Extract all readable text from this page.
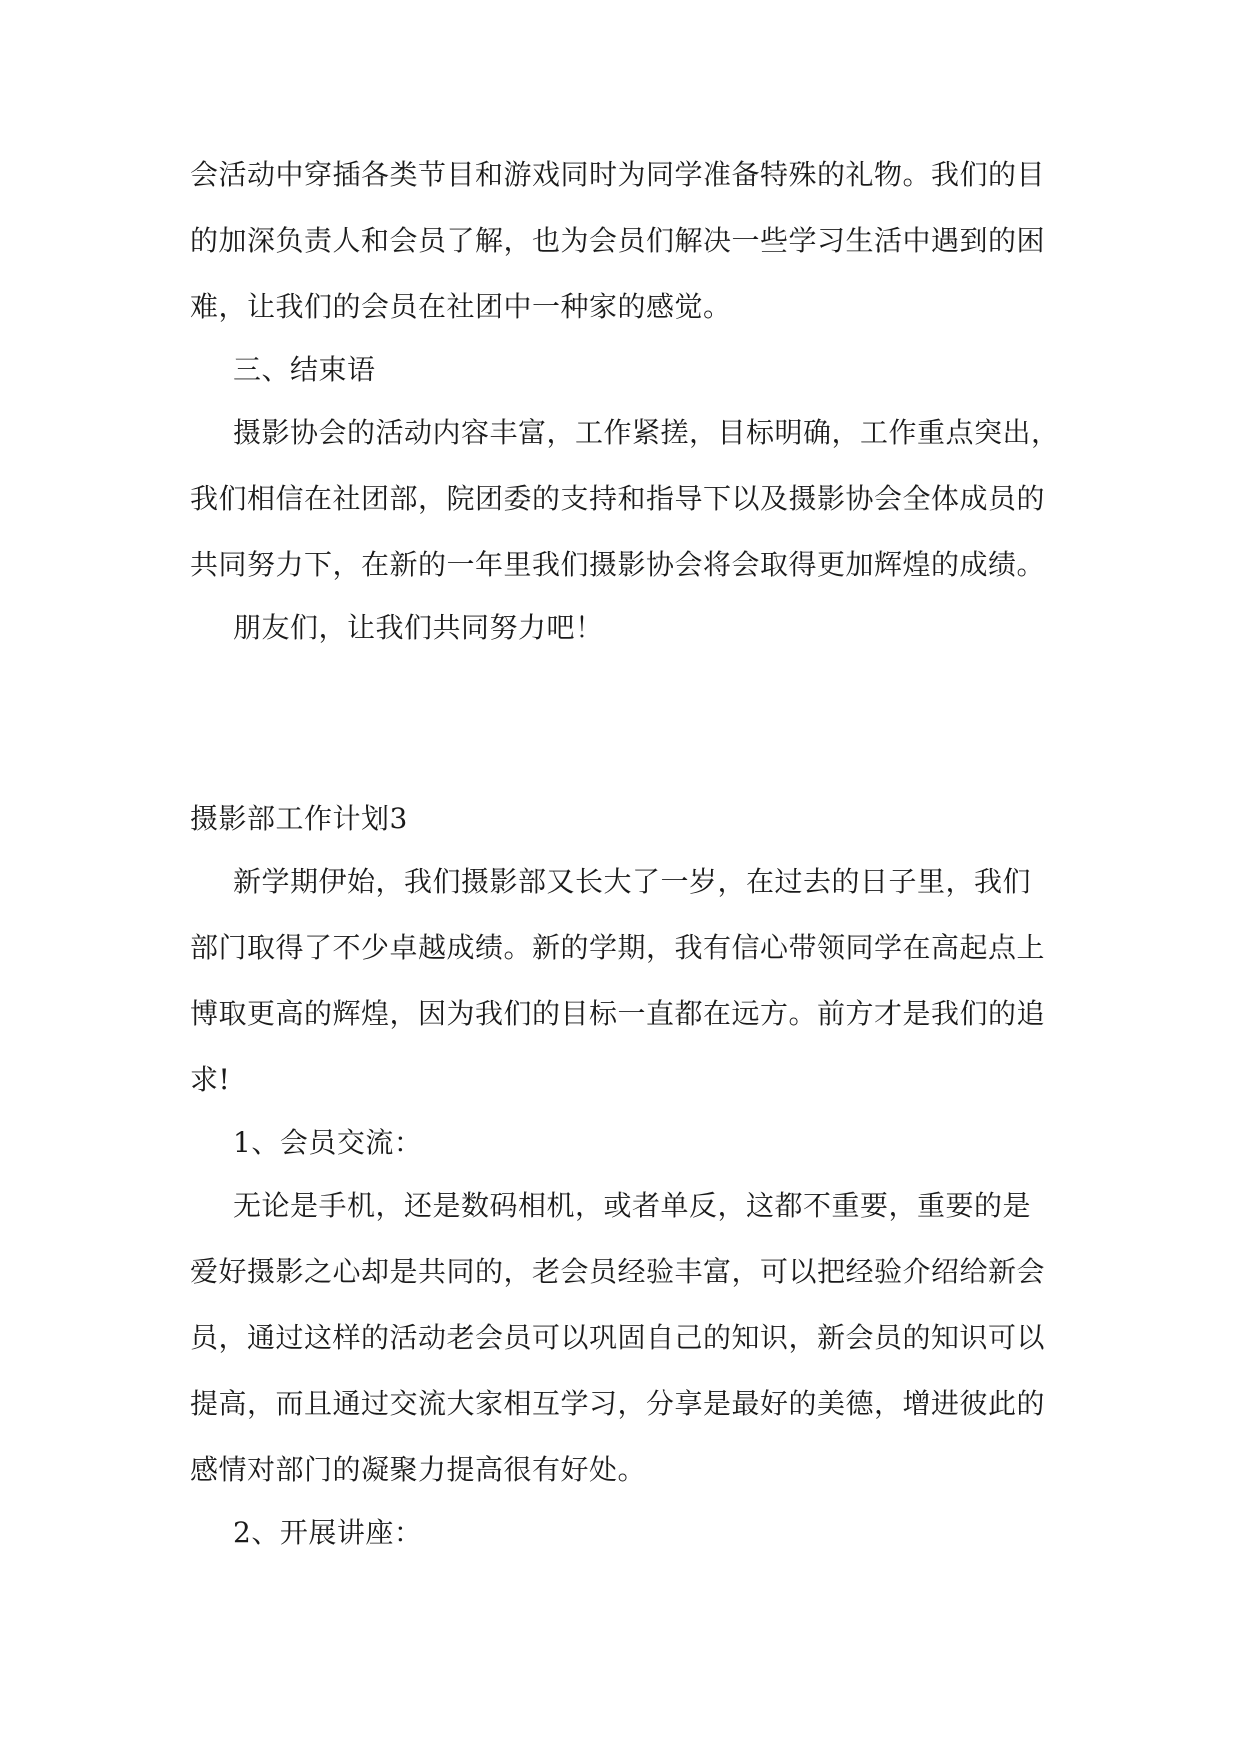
会活动中穿插各类节目和游戏同时为同学准备特殊的礼物。我们的目

的加深负责人和会员了解，也为会员们解决一些学习生活中遇到的困

难，让我们的会员在社团中一种家的感觉。

三、结束语

摄影协会的活动内容丰富，工作紧搓，目标明确，工作重点突出，

我们相信在社团部，院团委的支持和指导下以及摄影协会全体成员的

共同努力下，在新的一年里我们摄影协会将会取得更加辉煌的成绩。

朋友们，让我们共同努力吧！

摄影部工作计划3

新学期伊始，我们摄影部又长大了一岁，在过去的日子里，我们

部门取得了不少卓越成绩。新的学期，我有信心带领同学在高起点上

博取更高的辉煌，因为我们的目标一直都在远方。前方才是我们的追

求!

1、会员交流：

无论是手机，还是数码相机，或者单反，这都不重要，重要的是

爱好摄影之心却是共同的，老会员经验丰富，可以把经验介绍给新会

员，通过这样的活动老会员可以巩固自己的知识，新会员的知识可以

提高，而且通过交流大家相互学习，分享是最好的美德，增进彼此的

感情对部门的凝聚力提高很有好处。

2、开展讲座：
